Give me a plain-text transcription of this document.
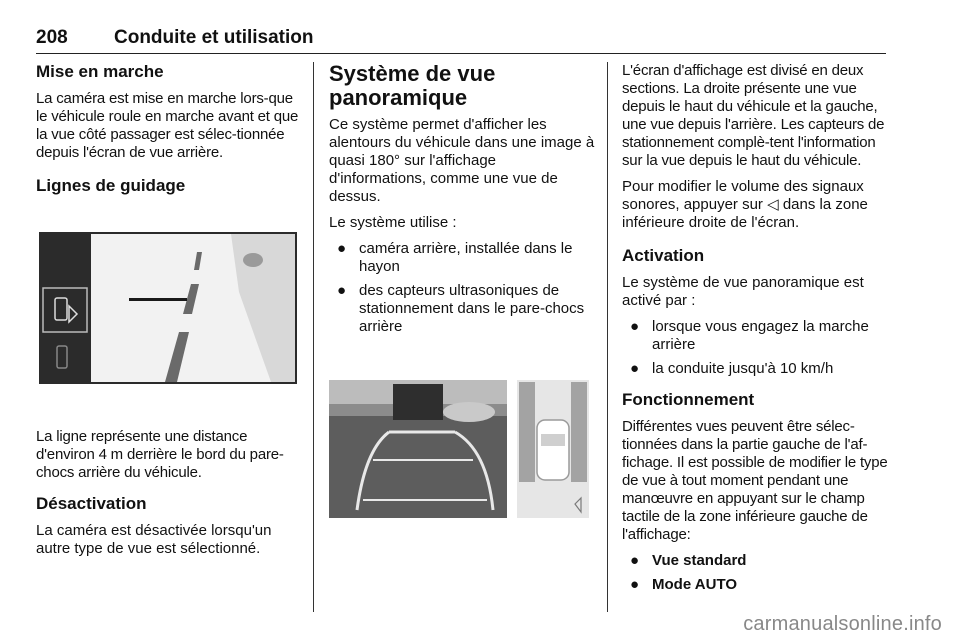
208 Conduite et utilisation
Mise en marche
La caméra est mise en marche lors-que le véhicule roule en marche avant et que la vue côté passager est sélec-tionnée depuis l'écran de vue arrière.
Lignes de guidage
La ligne représente une distance d'environ 4 m derrière le bord du pare-chocs arrière du véhicule.
Désactivation
La caméra est désactivée lorsqu'un autre type de vue est sélectionné.
Système de vue panoramique
Ce système permet d'afficher les alentours du véhicule dans une image à quasi 180° sur l'affichage d'informations, comme une vue de dessus.
Le système utilise :
● caméra arrière, installée dans le hayon
● des capteurs ultrasoniques de stationnement dans le pare-chocs arrière
L'écran d'affichage est divisé en deux sections. La droite présente une vue depuis le haut du véhicule et la gauche, une vue depuis l'arrière. Les capteurs de stationnement complè-tent l'information sur la vue depuis le haut du véhicule.
Pour modifier le volume des signaux sonores, appuyer sur ◁ dans la zone inférieure droite de l'écran.
Activation
Le système de vue panoramique est activé par :
● lorsque vous engagez la marche arrière
● la conduite jusqu'à 10 km/h
Fonctionnement
Différentes vues peuvent être sélec-tionnées dans la partie gauche de l'af-fichage. Il est possible de modifier le type de vue à tout moment pendant une manœuvre en appuyant sur le champ tactile de la zone inférieure gauche de l'affichage:
● Vue standard
● Mode AUTO
carmanualsonline.info
